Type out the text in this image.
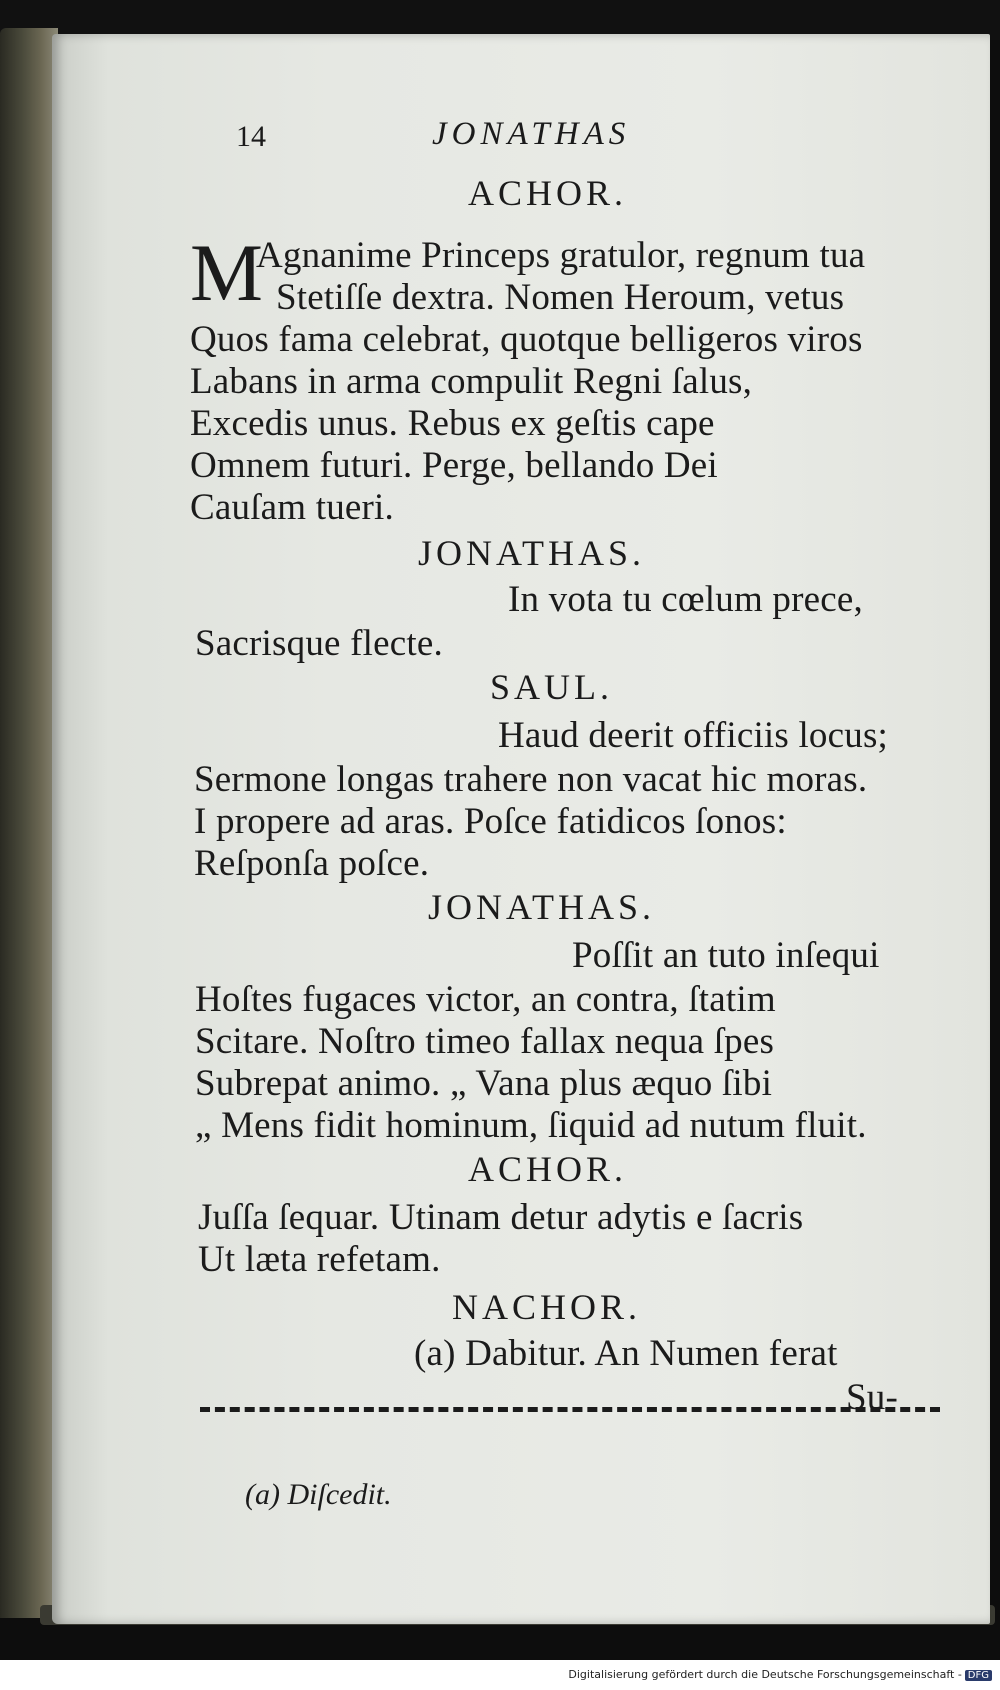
14	JONATHAS
ACHOR.
M
Agnanime Princeps gratulor, regnum tua
Stetiſſe dextra. Nomen Heroum, vetus
Quos fama celebrat, quotque belligeros viros
Labans in arma compulit Regni ſalus,
Excedis unus. Rebus ex geſtis cape
Omnem futuri. Perge, bellando Dei
Cauſam tueri.
JONATHAS.
In vota tu cœlum prece,
Sacrisque flecte.
SAUL.
Haud deerit officiis locus;
Sermone longas trahere non vacat hic moras.
I propere ad aras. Poſce fatidicos ſonos:
Reſponſa poſce.
JONATHAS.
Poſſit an tuto inſequi
Hoſtes fugaces victor, an contra, ſtatim
Scitare. Noſtro timeo fallax nequa ſpes
Subrepat animo. „ Vana plus æquo ſibi
„ Mens fidit hominum, ſiquid ad nutum fluit.
ACHOR.
Juſſa ſequar. Utinam detur adytis e ſacris
Ut læta refetam.
NACHOR.
(a) Dabitur. An Numen ferat
Su-
(a) Diſcedit.
Digitalisierung gefördert durch die Deutsche Forschungsgemeinschaft - DFG
